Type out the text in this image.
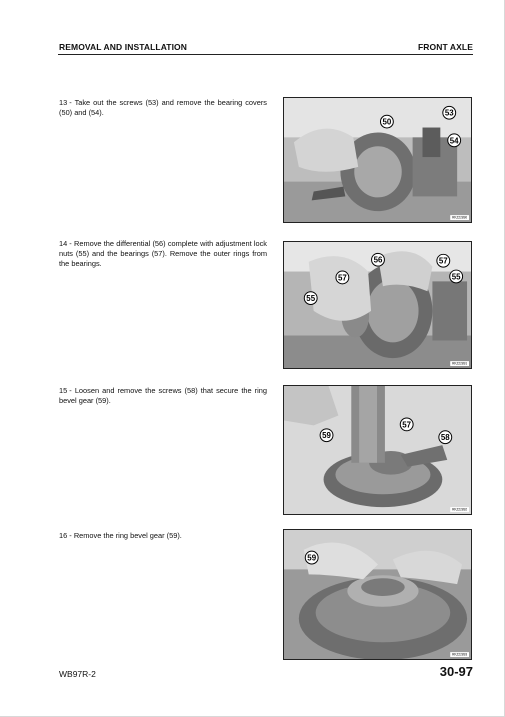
REMOVAL AND INSTALLATION	FRONT AXLE
13 - Take out the screws (53) and remove the bearing covers (50) and (54).
50
53
54
RKZ22890
14 - Remove the differential (56) complete with adjustment lock nuts (55) and the bearings (57). Remove the outer rings from the bearings.	56
57
57
55
55
RKZ22891
15 - Loosen and remove the screws (58) that secure the ring bevel gear (59).
59
57
58
RKZ22892
16 - Remove the ring bevel gear (59).
59
RKZ22893
WB97R-2	30-97
